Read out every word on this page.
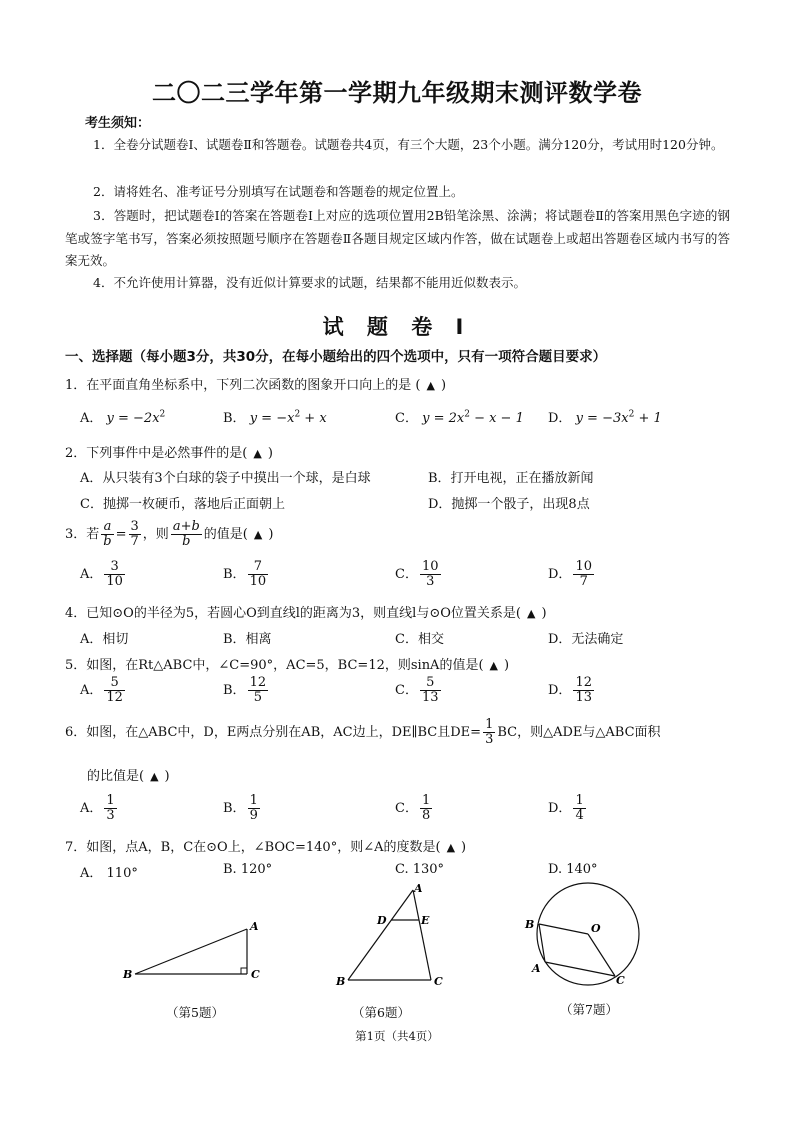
二〇二三学年第一学期九年级期末测评数学卷
考生须知：
1．全卷分试题卷Ⅰ、试题卷Ⅱ和答题卷。试题卷共4页，有三个大题，23个小题。满分120分，考试用时120分钟。
2．请将姓名、准考证号分别填写在试题卷和答题卷的规定位置上。
3．答题时，把试题卷Ⅰ的答案在答题卷Ⅰ上对应的选项位置用2B铅笔涂黑、涂满；将试题卷Ⅱ的答案用黑色字迹的钢笔或签字笔书写，答案必须按照题号顺序在答题卷Ⅱ各题目规定区域内作答，做在试题卷上或超出答题卷区域内书写的答案无效。
4．不允许使用计算器，没有近似计算要求的试题，结果都不能用近似数表示。
试 题 卷 Ⅰ
一、选择题（每小题3分，共30分，在每小题给出的四个选项中，只有一项符合题目要求）
1．在平面直角坐标系中，下列二次函数的图象开口向上的是 ( ▲ )
A． $y = -2x^2$	B． $y = -x^2 + x$	C． $y = 2x^2 - x - 1$ D． $y = -3x^2 + 1$
2．下列事件中是必然事件的是( ▲ )
A．从只装有3个白球的袋子中摸出一个球，是白球	B．打开电视，正在播放新闻
C．抛掷一枚硬币，落地后正面朝上	D．抛掷一个骰子，出现8点
3．若 $\frac{a}{b} = \frac{3}{7}$ ，则 $\frac{a+b}{b}$ 的值是( ▲ )
A． $\frac{3}{10}$	B． $\frac{7}{10}$	C． $\frac{10}{3}$	D． $\frac{10}{7}$
4．已知⊙O的半径为5，若圆心O到直线l的距离为3，则直线l与⊙O位置关系是( ▲ )
A．相切	B．相离	C．相交	D．无法确定
5．如图，在Rt△ABC中，∠C=90°，AC=5，BC=12，则sinA的值是( ▲ )
A． $\frac{5}{12}$	B． $\frac{12}{5}$	C． $\frac{5}{13}$	D． $\frac{12}{13}$
6．如图，在△ABC中，D，E两点分别在AB，AC边上，DE∥BC且$DE= \frac{1}{3}$ BC，则△ADE与△ABC面积
的比值是( ▲ )
A． $\frac{1}{3}$	B． $\frac{1}{9}$	C． $\frac{1}{8}$	D． $\frac{1}{4}$
7．如图，点A，B，C在⊙O上，∠BOC=140°，则∠A的度数是( ▲ )
A． 110°	B. 120°	C. 130°	D. 140°
A
B	C
（第5题）
A
B	C
D	E
（第6题）
B	O
A
C
（第7题）
第1页（共4页）
